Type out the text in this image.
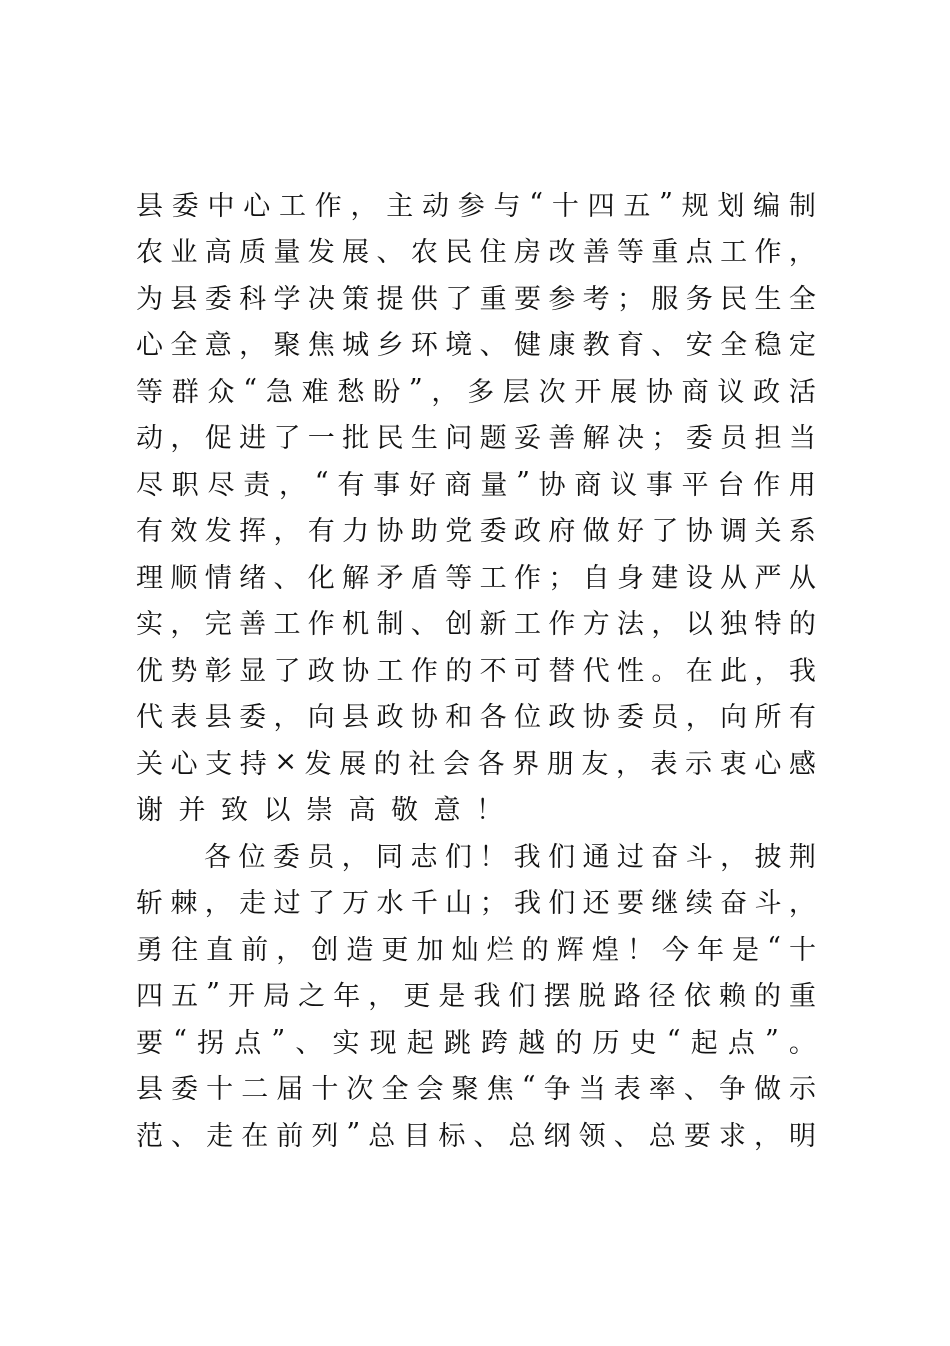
县 委 中 心 工 作 ， 主 动 参 与 “ 十 四 五 ” 规 划 编 制
农 业 高 质 量 发 展 、 农 民 住 房 改 善 等 重 点 工 作 ，
为 县 委 科 学 决 策 提 供 了 重 要 参 考 ； 服 务 民 生 全
心 全 意 ， 聚 焦 城 乡 环 境 、 健 康 教 育 、 安 全 稳 定
等 群 众 “ 急 难 愁 盼 ” ， 多 层 次 开 展 协 商 议 政 活
动 ， 促 进 了 一 批 民 生 问 题 妥 善 解 决 ； 委 员 担 当
尽 职 尽 责 ， “ 有 事 好 商 量 ” 协 商 议 事 平 台 作 用
有 效 发 挥 ， 有 力 协 助 党 委 政 府 做 好 了 协 调 关 系
理 顺 情 绪 、 化 解 矛 盾 等 工 作 ； 自 身 建 设 从 严 从
实 ， 完 善 工 作 机 制 、 创 新 工 作 方 法 ， 以 独 特 的
优 势 彰 显 了 政 协 工 作 的 不 可 替 代 性 。 在 此 ， 我
代 表 县 委 ， 向 县 政 协 和 各 位 政 协 委 员 ， 向 所 有
关 心 支 持 × 发 展 的 社 会 各 界 朋 友 ， 表 示 衷 心 感
谢并致以崇高敬意！
各 位 委 员 ， 同 志 们 ！ 我 们 通 过 奋 斗 ， 披 荆
斩 棘 ， 走 过 了 万 水 千 山 ； 我 们 还 要 继 续 奋 斗 ，
勇 往 直 前 ， 创 造 更 加 灿 烂 的 辉 煌 ！ 今 年 是 “ 十
四 五 ” 开 局 之 年 ， 更 是 我 们 摆 脱 路 径 依 赖 的 重
要 “ 拐 点 ” 、 实 现 起 跳 跨 越 的 历 史 “ 起 点 ” 。
县 委 十 二 届 十 次 全 会 聚 焦 “ 争 当 表 率 、 争 做 示
范 、 走 在 前 列 ” 总 目 标 、 总 纲 领 、 总 要 求 ， 明
